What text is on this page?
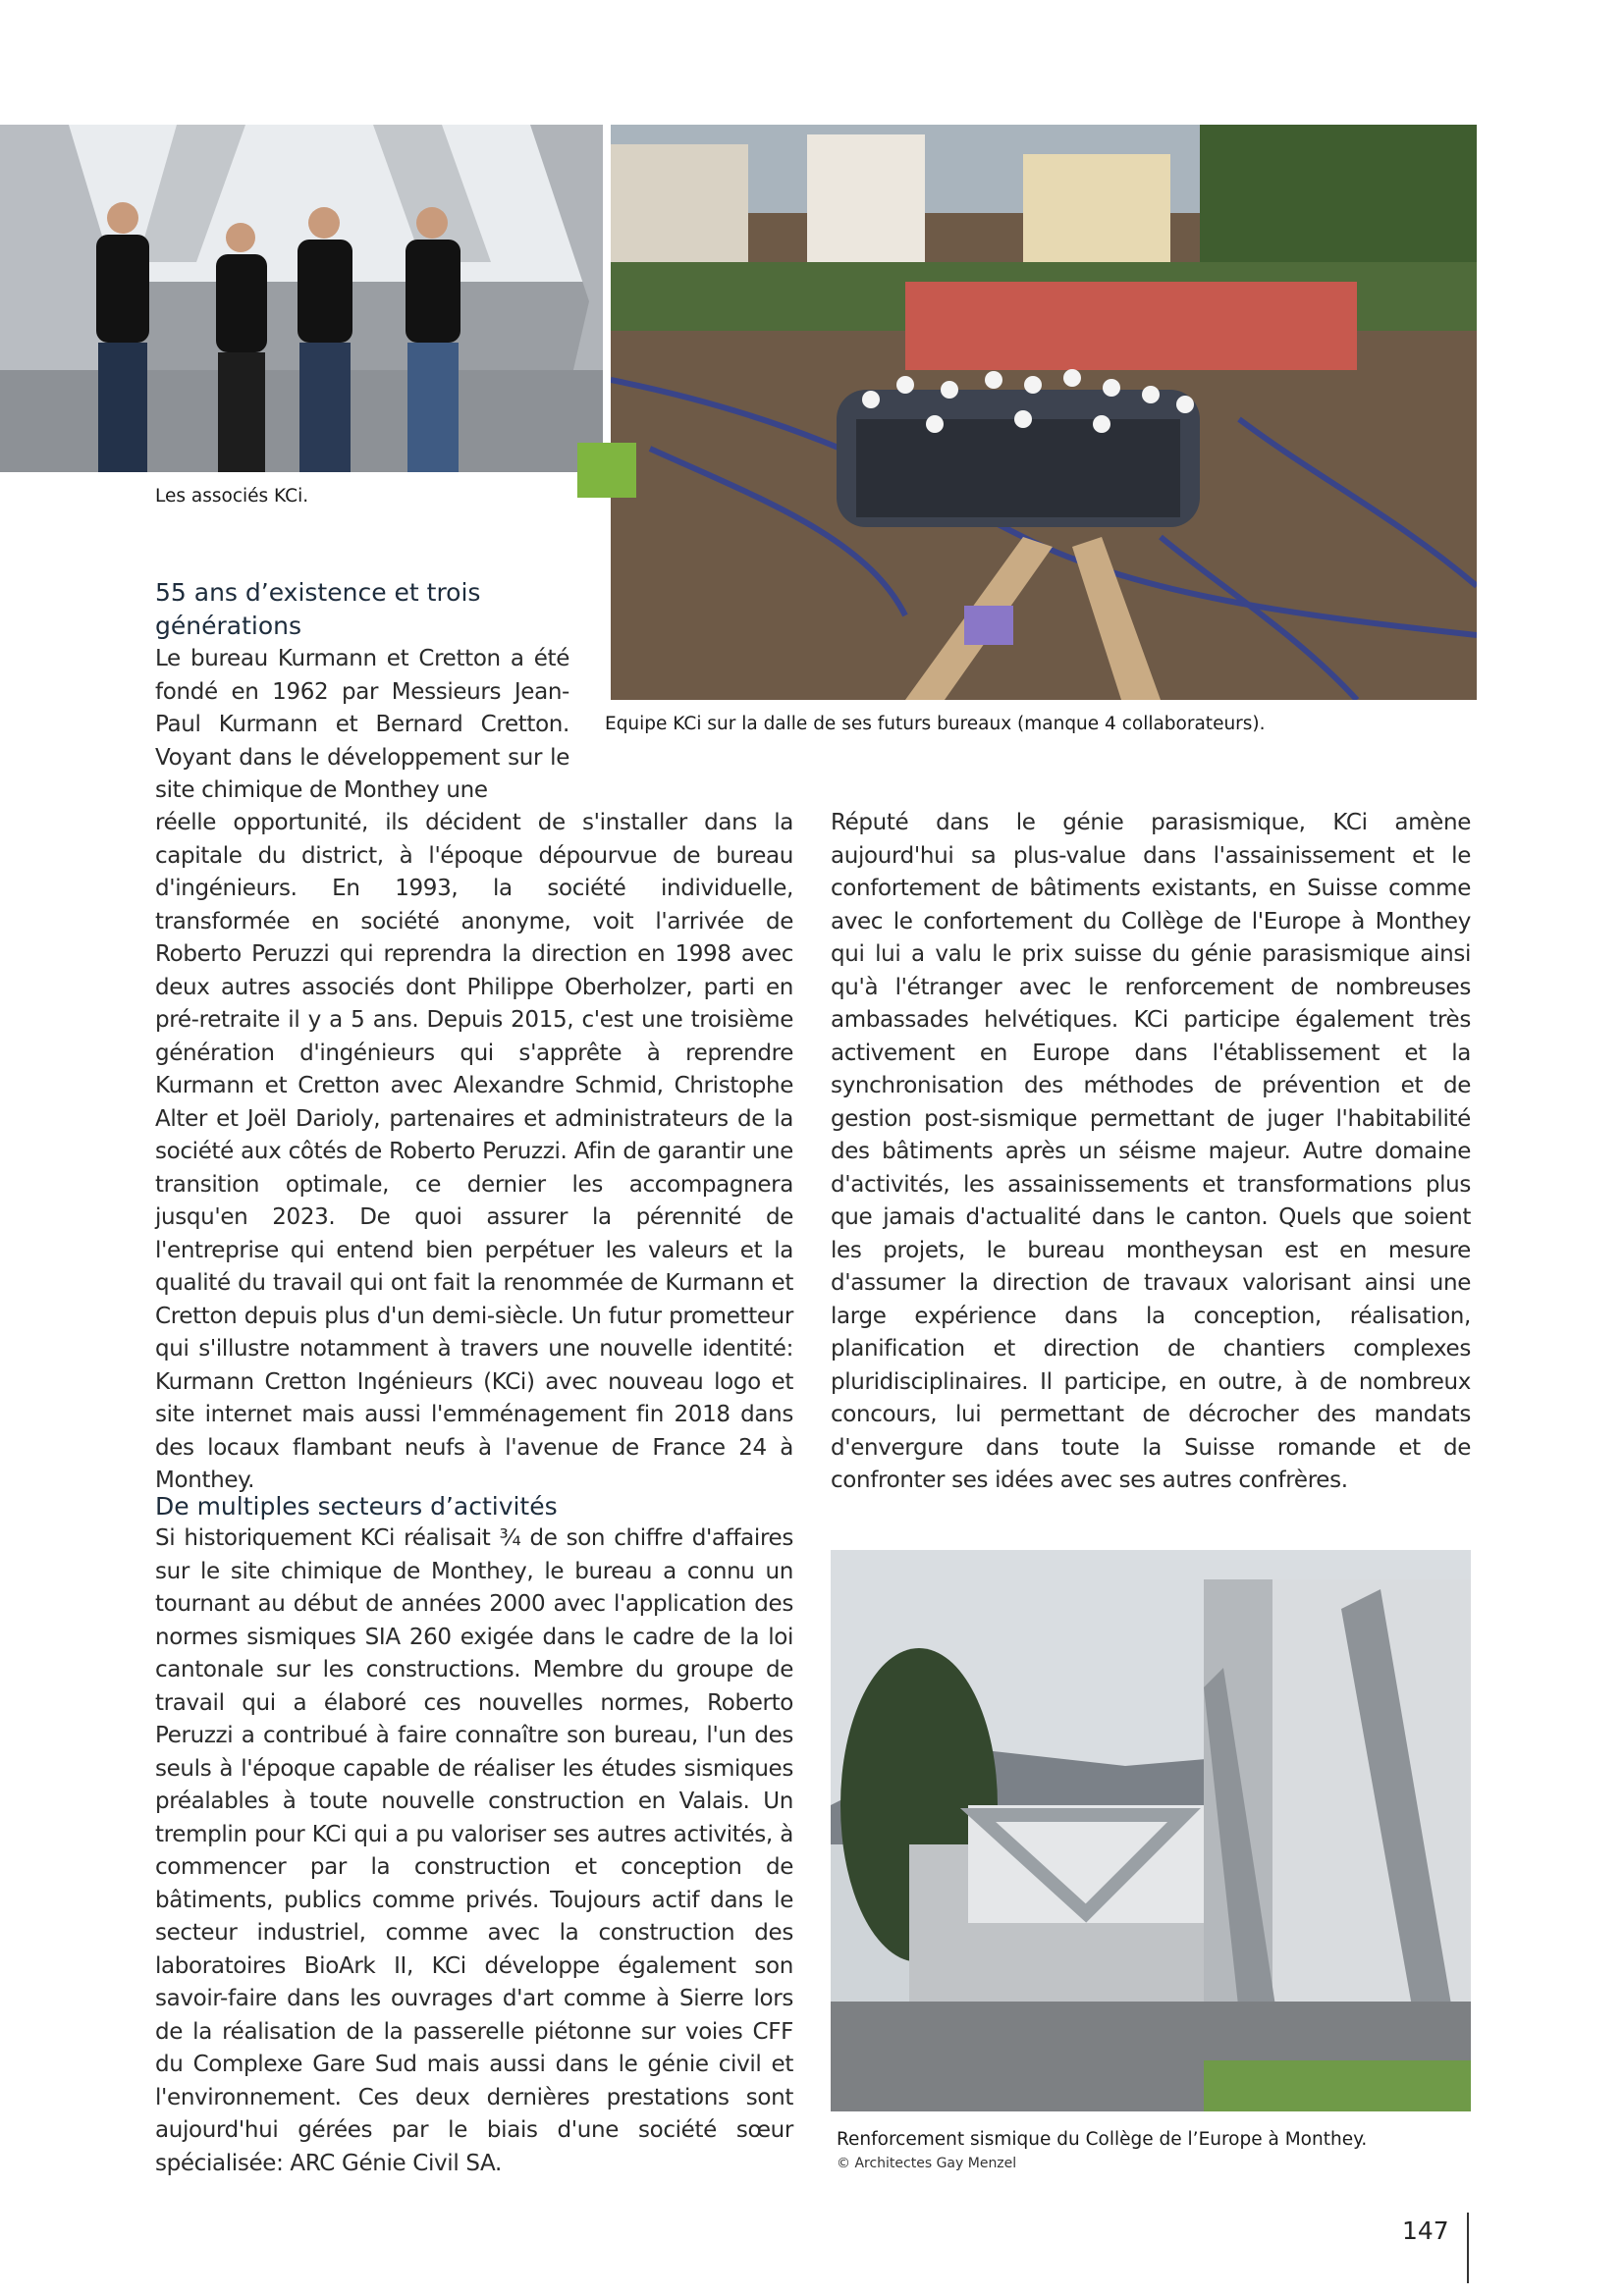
Les associés KCi.
Equipe KCi sur la dalle de ses futurs bureaux (manque 4 collaborateurs).
55 ans d’existence et trois générations

Le bureau Kurmann et Cretton a été fondé en 1962 par Messieurs Jean-Paul Kurmann et Bernard Cretton. Voyant dans le développement sur le site chimique de Monthey une

réelle opportunité, ils décident de s'installer dans la capitale du district, à l'époque dépourvue de bureau d'ingénieurs. En 1993, la société individuelle, transformée en société anonyme, voit l'arrivée de Roberto Peruzzi qui reprendra la direction en 1998 avec deux autres associés dont Philippe Oberholzer, parti en pré-retraite il y a 5 ans. Depuis 2015, c'est une troisième génération d'ingénieurs qui s'apprête à reprendre Kurmann et Cretton avec Alexandre Schmid, Christophe Alter et Joël Darioly, partenaires et administrateurs de la société aux côtés de Roberto Peruzzi. Afin de garantir une transition optimale, ce dernier les accompagnera jusqu'en 2023. De quoi assurer la pérennité de l'entreprise qui entend bien perpétuer les valeurs et la qualité du travail qui ont fait la renommée de Kurmann et Cretton depuis plus d'un demi-siècle. Un futur prometteur qui s'illustre notamment à travers une nouvelle identité: Kurmann Cretton Ingénieurs (KCi) avec nouveau logo et site internet mais aussi l'emménagement fin 2018 dans des locaux flambant neufs à l'avenue de France 24 à Monthey.

De multiples secteurs d’activités

Si historiquement KCi réalisait ¾ de son chiffre d'affaires sur le site chimique de Monthey, le bureau a connu un tournant au début de années 2000 avec l'application des normes sismiques SIA 260 exigée dans le cadre de la loi cantonale sur les constructions. Membre du groupe de travail qui a élaboré ces nouvelles normes, Roberto Peruzzi a contribué à faire connaître son bureau, l'un des seuls à l'époque capable de réaliser les études sismiques préalables à toute nouvelle construction en Valais. Un tremplin pour KCi qui a pu valoriser ses autres activités, à commencer par la construction et conception de bâtiments, publics comme privés. Toujours actif dans le secteur industriel, comme avec la construction des laboratoires BioArk II, KCi développe également son savoir-faire dans les ouvrages d'art comme à Sierre lors de la réalisation de la passerelle piétonne sur voies CFF du Complexe Gare Sud mais aussi dans le génie civil et l'environnement. Ces deux dernières prestations sont aujourd'hui gérées par le biais d'une société sœur spécialisée: ARC Génie Civil SA.

Réputé dans le génie parasismique, KCi amène aujourd'hui sa plus-value dans l'assainissement et le confortement de bâtiments existants, en Suisse comme avec le confortement du Collège de l'Europe à Monthey qui lui a valu le prix suisse du génie parasismique ainsi qu'à l'étranger avec le renforcement de nombreuses ambassades helvétiques. KCi participe également très activement en Europe dans l'établissement et la synchronisation des méthodes de prévention et de gestion post-sismique permettant de juger l'habitabilité des bâtiments après un séisme majeur. Autre domaine d'activités, les assainissements et transformations plus que jamais d'actualité dans le canton. Quels que soient les projets, le bureau montheysan est en mesure d'assumer la direction de travaux valorisant ainsi une large expérience dans la conception, réalisation, planification et direction de chantiers complexes pluridisciplinaires. Il participe, en outre, à de nombreux concours, lui permettant de décrocher des mandats d'envergure dans toute la Suisse romande et de confronter ses idées avec ses autres confrères.

Renforcement sismique du Collège de l’Europe à Monthey.
© Architectes Gay Menzel
147
